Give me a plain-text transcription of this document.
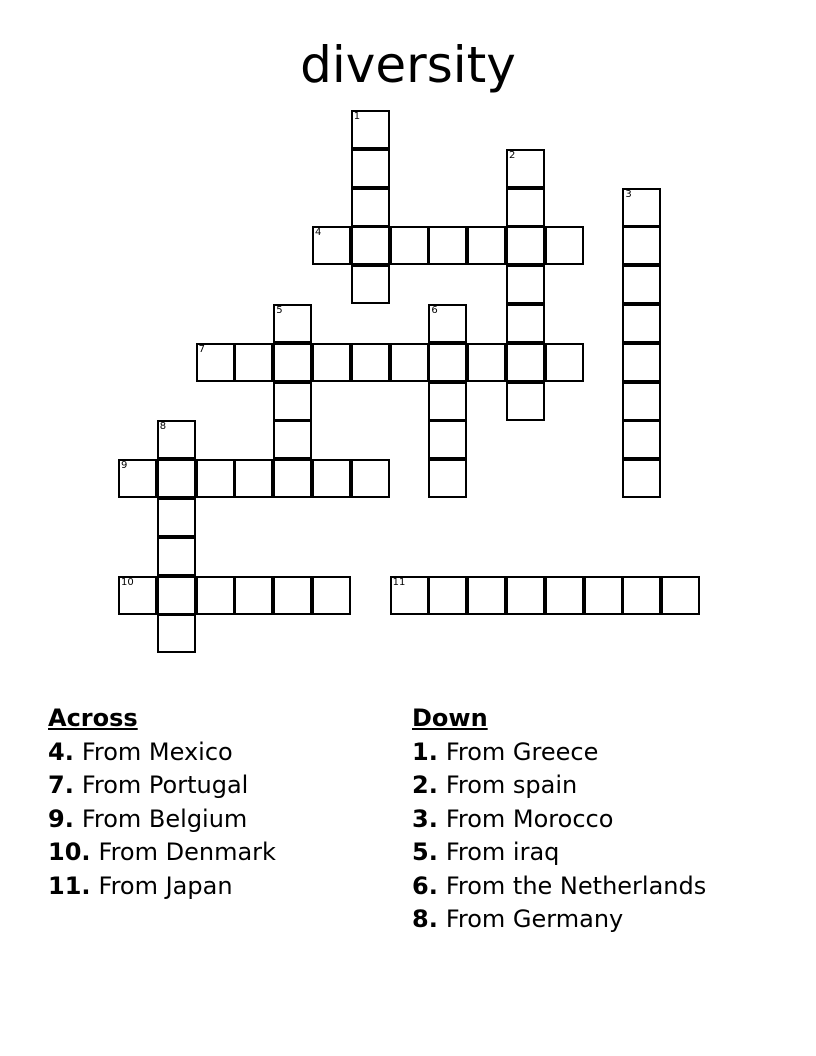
diversity
1
2
3
4
5	6
7
8
9
10	11
Across
4. From Mexico
7. From Portugal
9. From Belgium
10. From Denmark
11. From Japan
Down
1. From Greece
2. From spain
3. From Morocco
5. From iraq
6. From the Netherlands
8. From Germany
